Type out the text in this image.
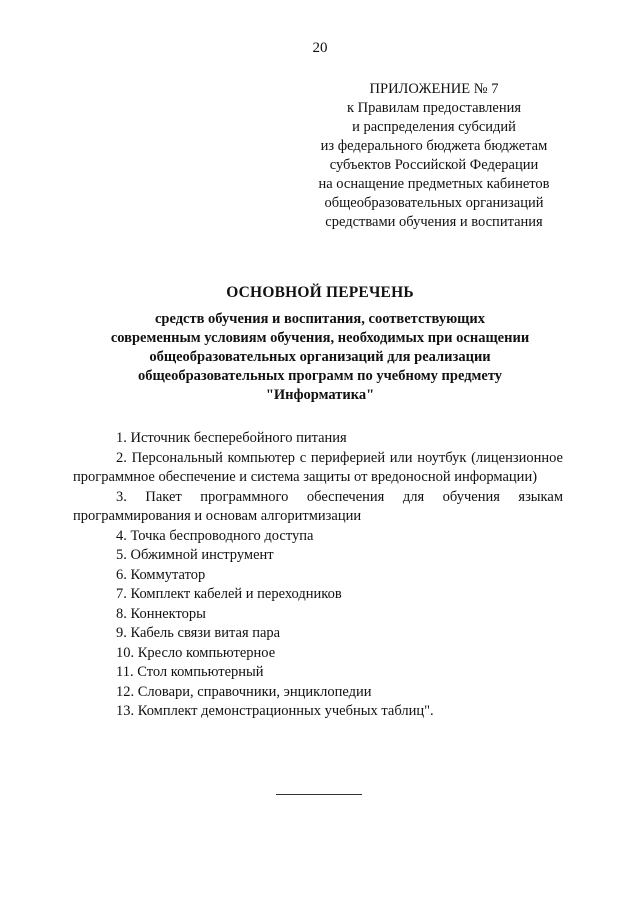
20
ПРИЛОЖЕНИЕ № 7
к Правилам предоставления
и распределения субсидий
из федерального бюджета бюджетам
субъектов Российской Федерации
на оснащение предметных кабинетов
общеобразовательных организаций
средствами обучения и воспитания
ОСНОВНОЙ ПЕРЕЧЕНЬ
средств обучения и воспитания, соответствующих
современным условиям обучения, необходимых при оснащении
общеобразовательных организаций для реализации
общеобразовательных программ по учебному предмету
"Информатика"
1. Источник бесперебойного питания
2. Персональный компьютер с периферией или ноутбук (лицензионное программное обеспечение и система защиты от вредоносной информации)
3. Пакет программного обеспечения для обучения языкам программирования и основам алгоритмизации
4. Точка беспроводного доступа
5. Обжимной инструмент
6. Коммутатор
7. Комплект кабелей и переходников
8. Коннекторы
9. Кабель связи витая пара
10. Кресло компьютерное
11. Стол компьютерный
12. Словари, справочники, энциклопедии
13. Комплект демонстрационных учебных таблиц".
